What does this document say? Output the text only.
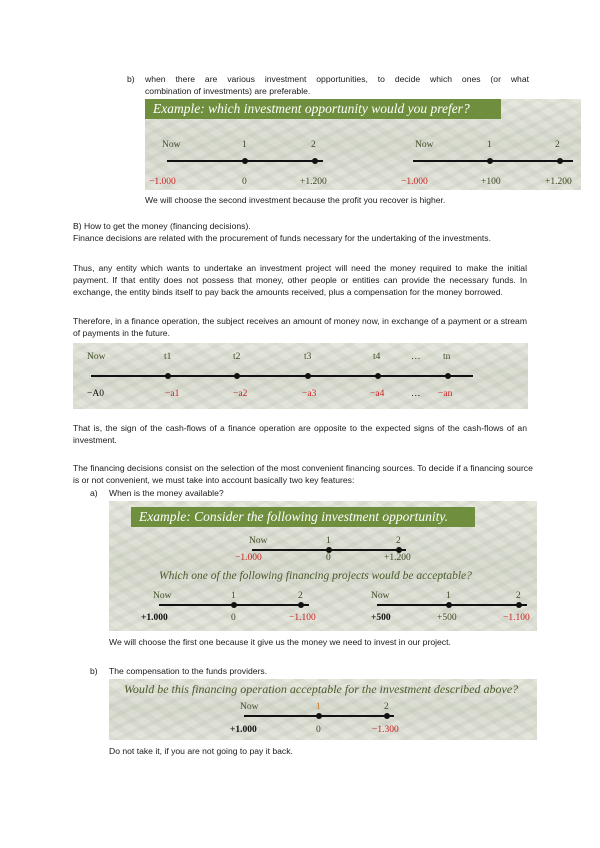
b) when there are various investment opportunities, to decide which ones (or what
combination of investments) are preferable.
Example: which investment opportunity would you prefer?
Now	1	2
−1.000	0	+1.200
Now	1	2
−1.000	+100	+1.200
We will choose the second investment because the profit you recover is higher.
B) How to get the money (financing decisions).
Finance decisions are related with the procurement of funds necessary for the undertaking of the investments.
Thus, any entity which wants to undertake an investment project will need the money required to make the initial payment. If that entity does not possess that money, other people or entities can provide the necessary funds. In exchange, the entity binds itself to pay back the amounts received, plus a compensation for the money borrowed.
Therefore, in a finance operation, the subject receives an amount of money now, in exchange of a payment or a stream of payments in the future.
Now	t1	t2	t3	t4	… tn
−A0	−a1	−a2	−a3	−a4	… −an
That is, the sign of the cash-flows of a finance operation are opposite to the expected signs of the cash-flows of an investment.
The financing decisions consist on the selection of the most convenient financing sources. To decide if a financing source is or not convenient, we must take into account basically two key features:
a) When is the money available?
Example: Consider the following investment opportunity.
Now	1	2
−1.000	0	+1.200
Which one of the following financing projects would be acceptable?
Now	1	2
+1.000	0	−1.100
Now	1	2
+500	+500	−1.100
We will choose the first one because it give us the money we need to invest in our project.
b) The compensation to the funds providers.
Would be this financing operation acceptable for the investment described above?
Now	1	2
+1.000	0	−1.300
Do not take it, if you are not going to pay it back.
